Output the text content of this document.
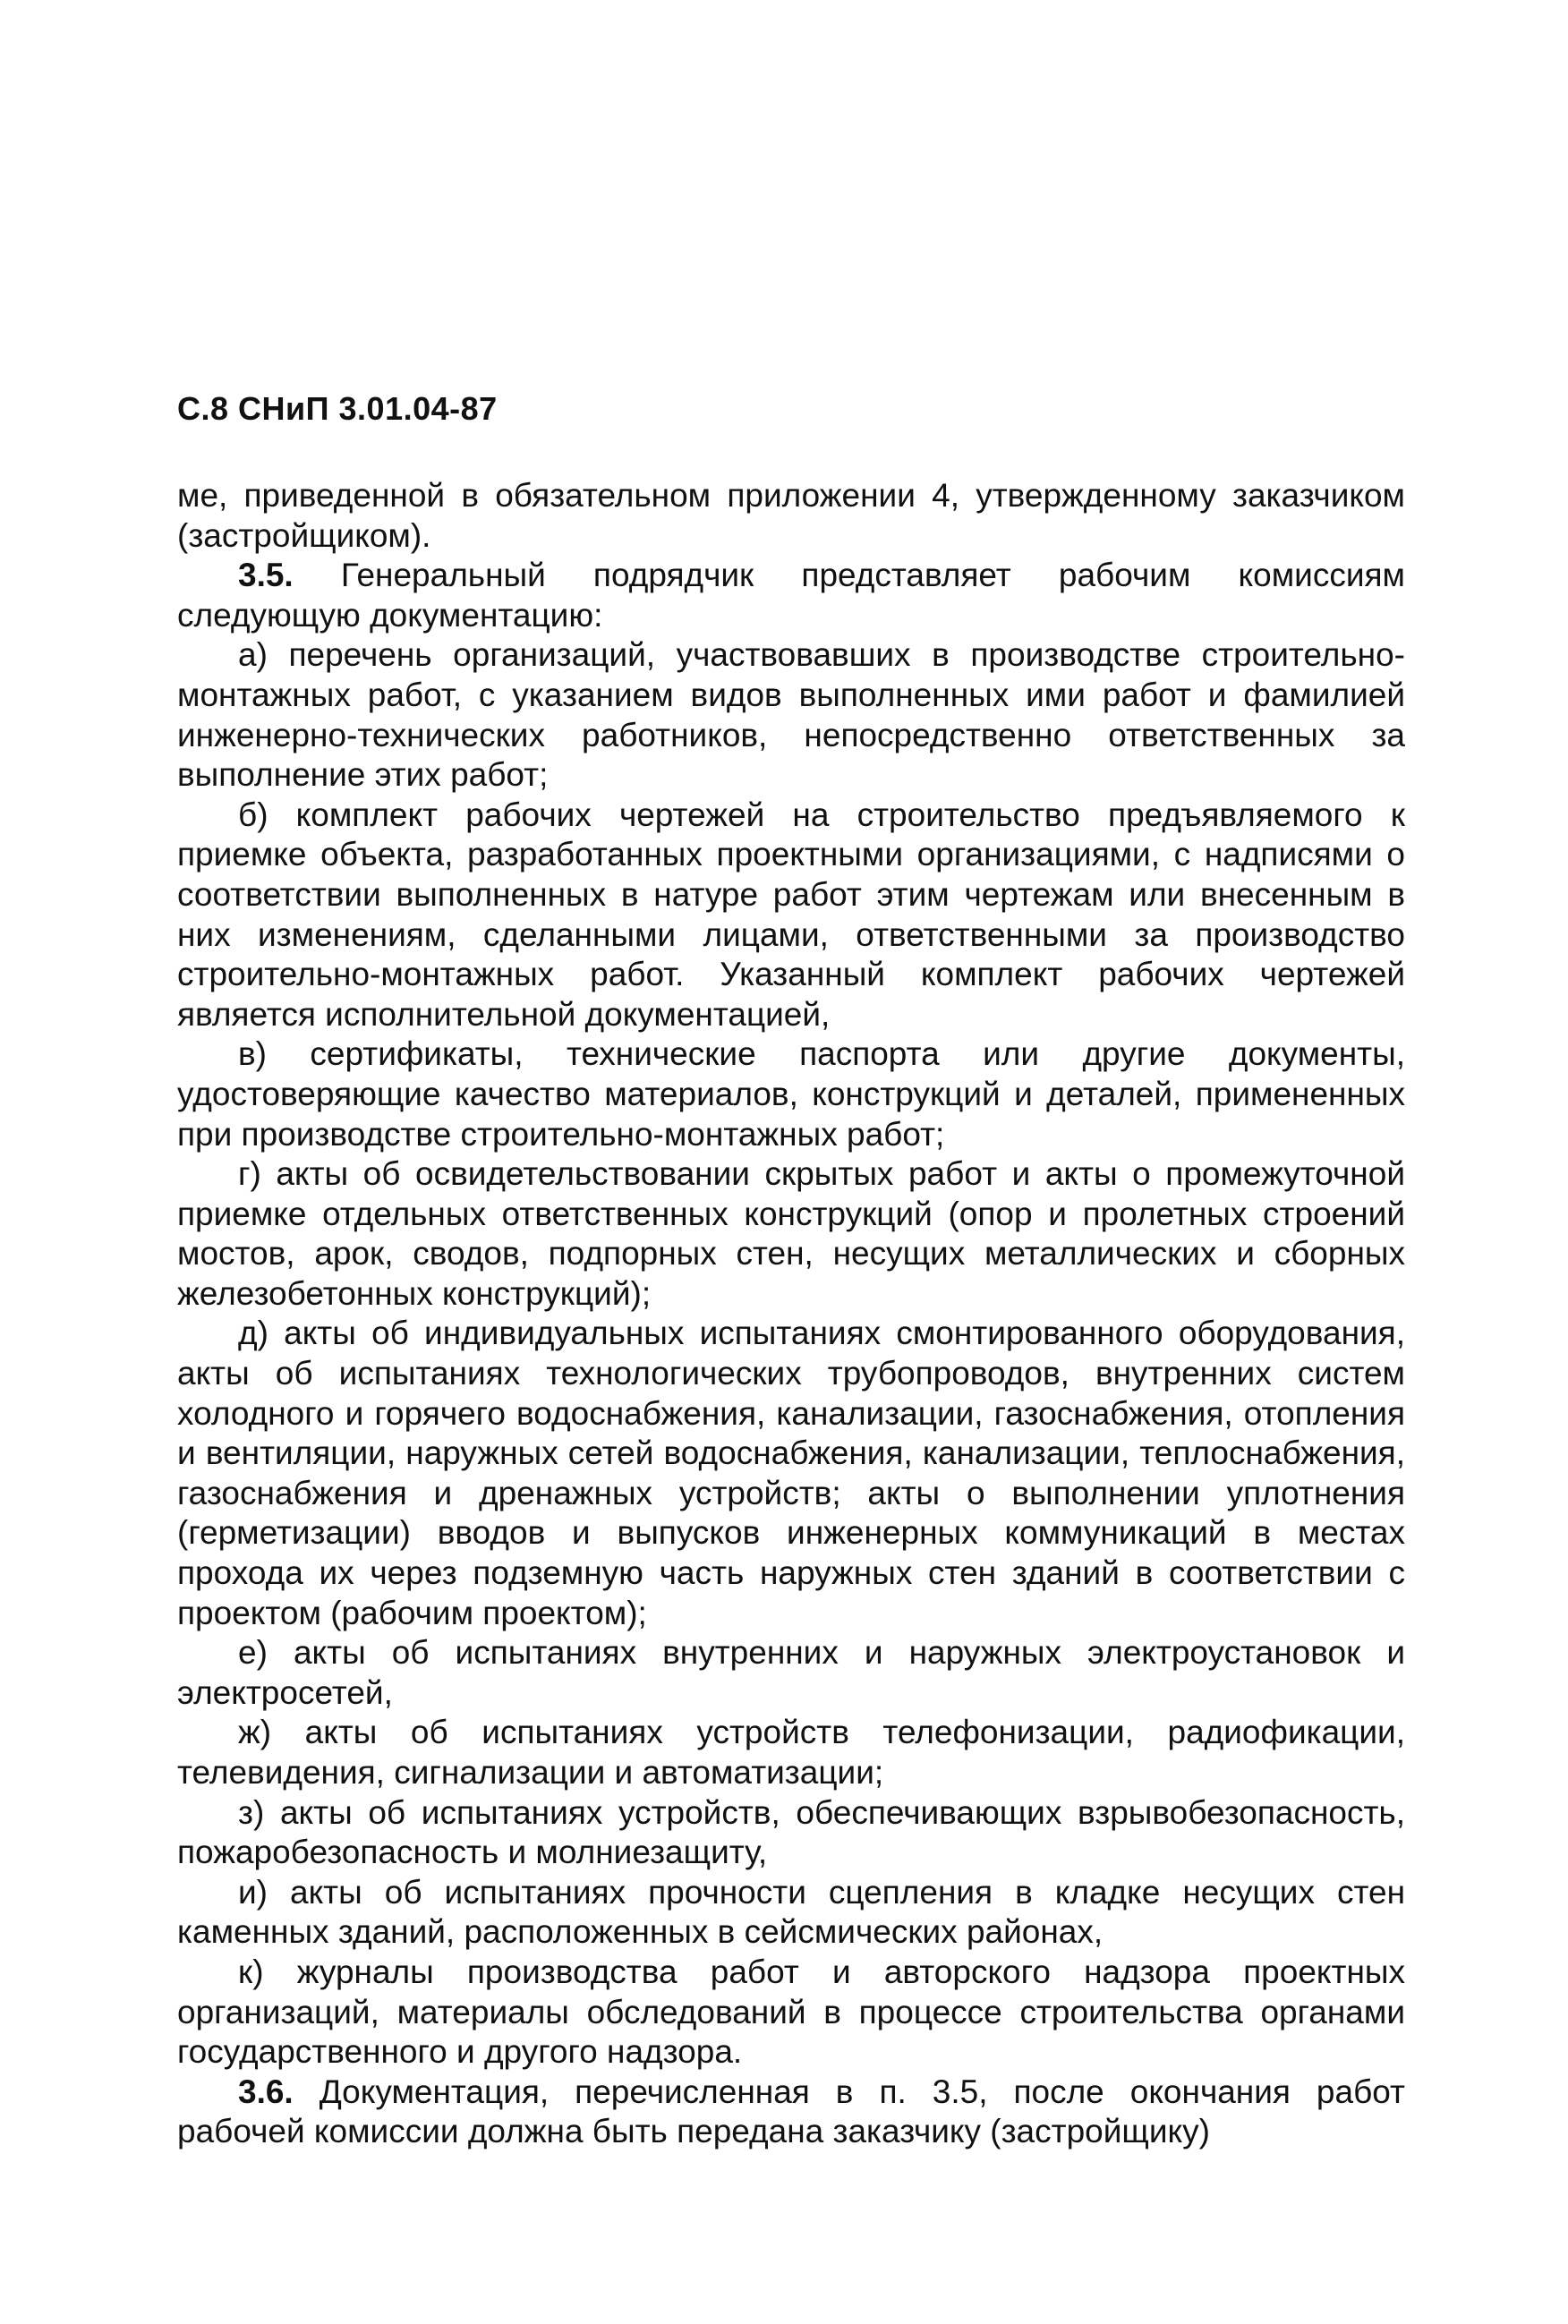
С.8 СНиП 3.01.04-87

ме, приведенной в обязательном приложении 4, утвержденному заказчиком (застройщиком).

3.5. Генеральный подрядчик представляет рабочим комиссиям следующую документацию:

а) перечень организаций, участвовавших в производстве строительно-монтажных работ, с указанием видов выполненных ими работ и фамилией инженерно-технических работников, непосредственно ответственных за выполнение этих работ;

б) комплект рабочих чертежей на строительство предъявляемого к приемке объекта, разработанных проектными организациями, с надписями о соответствии выполненных в натуре работ этим чертежам или внесенным в них изменениям, сделанными лицами, ответственными за производство строительно-монтажных работ. Указанный комплект рабочих чертежей является исполнительной документацией,

в) сертификаты, технические паспорта или другие документы, удостоверяющие качество материалов, конструкций и деталей, примененных при производстве строительно-монтажных работ;

г) акты об освидетельствовании скрытых работ и акты о промежуточной приемке отдельных ответственных конструкций (опор и пролетных строений мостов, арок, сводов, подпорных стен, несущих металлических и сборных железобетонных конструкций);

д) акты об индивидуальных испытаниях смонтированного оборудования, акты об испытаниях технологических трубопроводов, внутренних систем холодного и горячего водоснабжения, канализации, газоснабжения, отопления и вентиляции, наружных сетей водоснабжения, канализации, теплоснабжения, газоснабжения и дренажных устройств; акты о выполнении уплотнения (герметизации) вводов и выпусков инженерных коммуникаций в местах прохода их через подземную часть наружных стен зданий в соответствии с проектом (рабочим проектом);

е) акты об испытаниях внутренних и наружных электроустановок и электросетей,

ж) акты об испытаниях устройств телефонизации, радиофикации, телевидения, сигнализации и автоматизации;

з) акты об испытаниях устройств, обеспечивающих взрывобезопасность, пожаробезопасность и молниезащиту,

и) акты об испытаниях прочности сцепления в кладке несущих стен каменных зданий, расположенных в сейсмических районах,

к) журналы производства работ и авторского надзора проектных организаций, материалы обследований в процессе строительства органами государственного и другого надзора.

3.6. Документация, перечисленная в п. 3.5, после окончания работ рабочей комиссии должна быть передана заказчику (застройщику)
